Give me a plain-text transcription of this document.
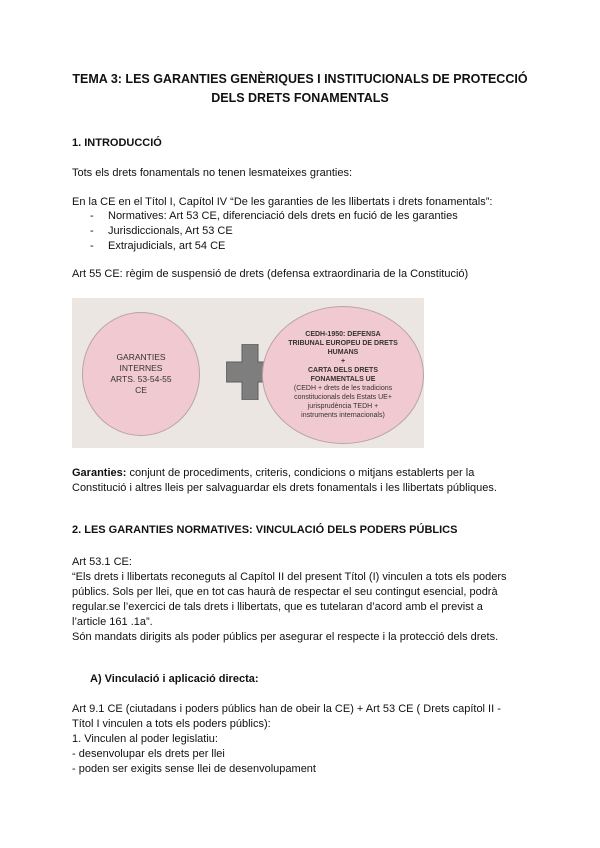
TEMA 3: LES GARANTIES GENÈRIQUES I INSTITUCIONALS DE PROTECCIÓ
DELS DRETS FONAMENTALS
1. INTRODUCCIÓ
Tots els drets fonamentals no tenen lesmateixes granties:
En la CE en el Títol I, Capítol IV “De les garanties de les llibertats i drets fonamentals”:
- Normatives: Art 53 CE, diferenciació dels drets en fució de les garanties
- Jurisdiccionals, Art 53 CE
- Extrajudicials, art 54 CE
Art 55 CE: règim de suspensió de drets (defensa extraordinaria de la Constitució)
GARANTIES
INTERNES
ARTS. 53-54-55
CE
CEDH-1950: DEFENSA
TRIBUNAL EUROPEU DE DRETS
HUMANS
+
CARTA DELS DRETS
FONAMENTALS UE
(CEDH + drets de les tradicions
constitucionals dels Estats UE+
jurisprudència TEDH +
instruments internacionals)
Garanties: conjunt de procediments, criteris, condicions o mitjans establerts per la
Constitució i altres lleis per salvaguardar els drets fonamentals i les llibertats públiques.
2. LES GARANTIES NORMATIVES: VINCULACIÓ DELS PODERS PÚBLICS
Art 53.1 CE:
“Els drets i llibertats reconeguts al Capítol II del present Títol (I) vinculen a tots els poders
públics. Sols per llei, que en tot cas haurà de respectar el seu contingut esencial, podrà
regular.se l’exercici de tals drets i llibertats, que es tutelaran d’acord amb el previst a
l’article 161 .1a”.
Són mandats dirigits als poder públics per asegurar el respecte i la protecció dels drets.
A) Vinculació i aplicació directa:
Art 9.1 CE (ciutadans i poders públics han de obeir la CE) + Art 53 CE ( Drets capítol II -
Títol I vinculen a tots els poders públics):
1. Vinculen al poder legislatiu:
- desenvolupar els drets per llei
- poden ser exigits sense llei de desenvolupament
